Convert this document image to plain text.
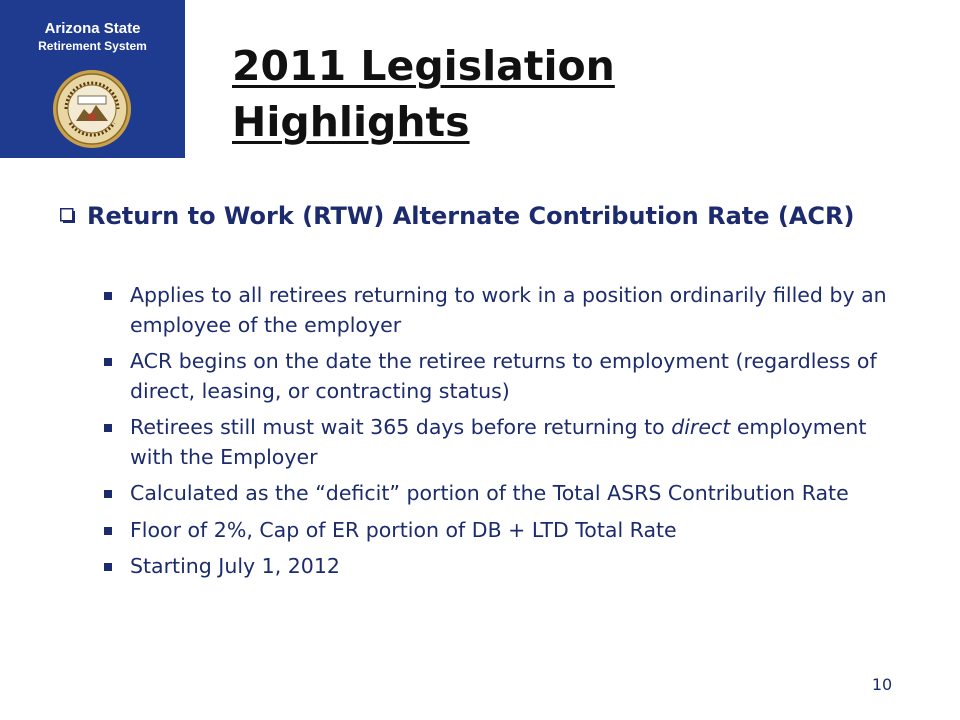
Arizona State
Retirement System	2011 Legislation Highlights

Return to Work (RTW) Alternate Contribution Rate (ACR)

Applies to all retirees returning to work in a position ordinarily filled by an employee of the employer
ACR begins on the date the retiree returns to employment (regardless of direct, leasing, or contracting status)
Retirees still must wait 365 days before returning to direct employment with the Employer
Calculated as the “deficit” portion of the Total ASRS Contribution Rate
Floor of 2%, Cap of ER portion of DB + LTD Total Rate
Starting July 1, 2012
10
